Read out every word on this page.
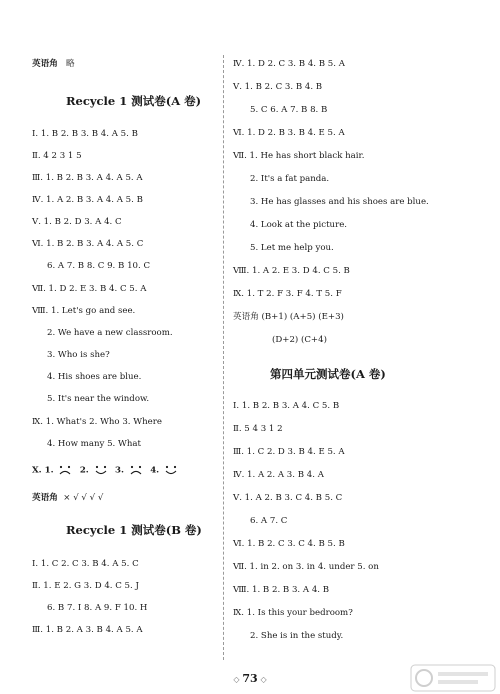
英语角 略
Recycle 1 测试卷(A 卷)
Ⅰ. 1. B 2. B 3. B 4. A 5. B
Ⅱ. 4 2 3 1 5
Ⅲ. 1. B 2. B 3. A 4. A 5. A
Ⅳ. 1. A 2. B 3. A 4. A 5. B
Ⅴ. 1. B 2. D 3. A 4. C
Ⅵ. 1. B 2. B 3. A 4. A 5. C
6. A 7. B 8. C 9. B 10. C
Ⅶ. 1. D 2. E 3. B 4. C 5. A
Ⅷ. 1. Let's go and see.
2. We have a new classroom.
3. Who is she?
4. His shoes are blue.
5. It's near the window.
Ⅸ. 1. What's 2. Who 3. Where
4. How many 5. What
Ⅹ. 1.	2.	3.	4.
英语角 × √ √ √ √
Recycle 1 测试卷(B 卷)
Ⅰ. 1. C 2. C 3. B 4. A 5. C
Ⅱ. 1. E 2. G 3. D 4. C 5. J
6. B 7. I 8. A 9. F 10. H
Ⅲ. 1. B 2. A 3. B 4. A 5. A
Ⅳ. 1. D 2. C 3. B 4. B 5. A
Ⅴ. 1. B 2. C 3. B 4. B
5. C 6. A 7. B 8. B
Ⅵ. 1. D 2. B 3. B 4. E 5. A
Ⅶ. 1. He has short black hair.
2. It's a fat panda.
3. He has glasses and his shoes are blue.
4. Look at the picture.
5. Let me help you.
Ⅷ. 1. A 2. E 3. D 4. C 5. B
Ⅸ. 1. T 2. F 3. F 4. T 5. F
英语角 (B+1) (A+5) (E+3)
(D+2) (C+4)
第四单元测试卷(A 卷)
Ⅰ. 1. B 2. B 3. A 4. C 5. B
Ⅱ. 5 4 3 1 2
Ⅲ. 1. C 2. D 3. B 4. E 5. A
Ⅳ. 1. A 2. A 3. B 4. A
Ⅴ. 1. A 2. B 3. C 4. B 5. C
6. A 7. C
Ⅵ. 1. B 2. C 3. C 4. B 5. B
Ⅶ. 1. in 2. on 3. in 4. under 5. on
Ⅷ. 1. B 2. B 3. A 4. B
Ⅸ. 1. Is this your bedroom?
2. She is in the study.
◇ 73 ◇
